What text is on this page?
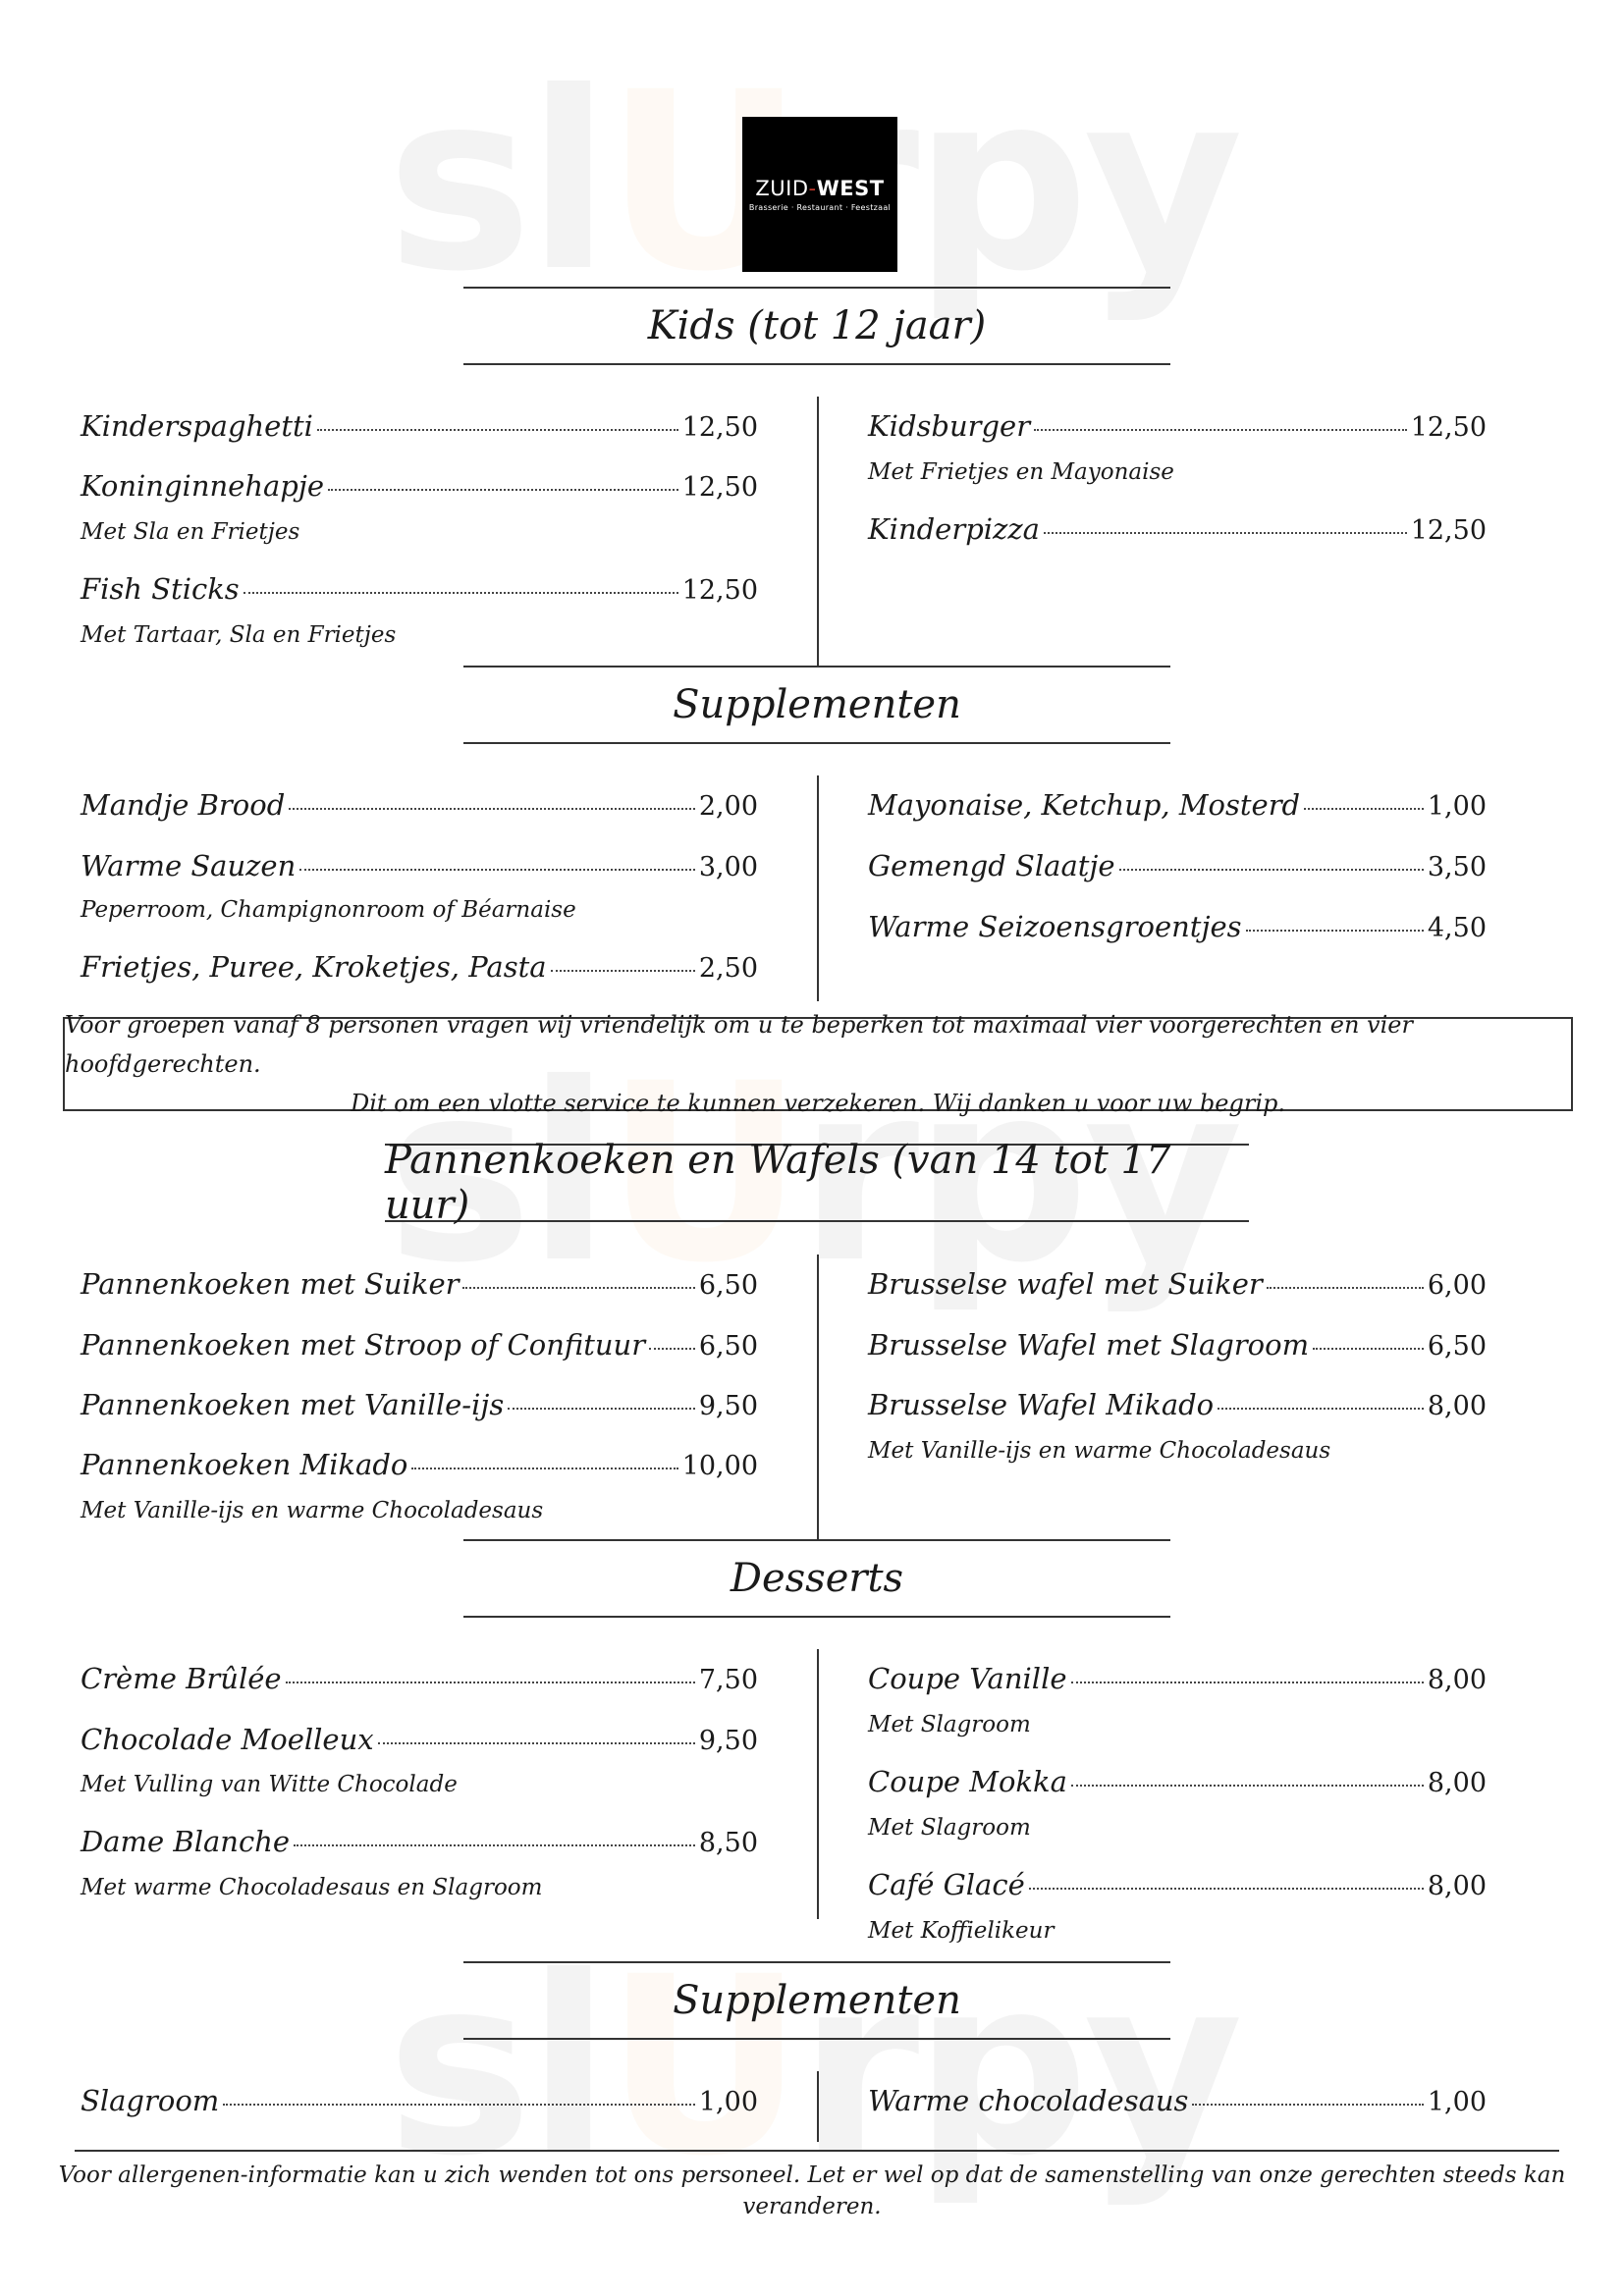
ZUID-WEST
Brasserie · Restaurant · Feestzaal
Kids (tot 12 jaar)
Kinderspaghetti	12,50
Koninginnehapje	12,50
Met Sla en Frietjes
Fish Sticks	12,50
Met Tartaar, Sla en Frietjes
Kidsburger	12,50
Met Frietjes en Mayonaise
Kinderpizza	12,50
Supplementen
Mandje Brood	2,00
Warme Sauzen	3,00
Peperroom, Champignonroom of Béarnaise
Frietjes, Puree, Kroketjes, Pasta	2,50
Mayonaise, Ketchup, Mosterd	1,00
Gemengd Slaatje	3,50
Warme Seizoensgroentjes	4,50
Voor groepen vanaf 8 personen vragen wij vriendelijk om u te beperken tot maximaal vier voorgerechten en vier hoofdgerechten.
Dit om een vlotte service te kunnen verzekeren. Wij danken u voor uw begrip.
Pannenkoeken en Wafels (van 14 tot 17 uur)
Pannenkoeken met Suiker	6,50
Pannenkoeken met Stroop of Confituur 6,50
Pannenkoeken met Vanille-ijs	9,50
Pannenkoeken Mikado	10,00
Met Vanille-ijs en warme Chocoladesaus
Brusselse wafel met Suiker	6,00
Brusselse Wafel met Slagroom	6,50
Brusselse Wafel Mikado	8,00
Met Vanille-ijs en warme Chocoladesaus
Desserts
Crème Brûlée	7,50
Chocolade Moelleux	9,50
Met Vulling van Witte Chocolade
Dame Blanche	8,50
Met warme Chocoladesaus en Slagroom
Coupe Vanille	8,00
Met Slagroom
Coupe Mokka	8,00
Met Slagroom
Café Glacé	8,00
Met Koffielikeur
Supplementen
Slagroom	1,00	Warme chocoladesaus	1,00
Voor allergenen-informatie kan u zich wenden tot ons personeel. Let er wel op dat de samenstelling van onze gerechten steeds kan veranderen.
